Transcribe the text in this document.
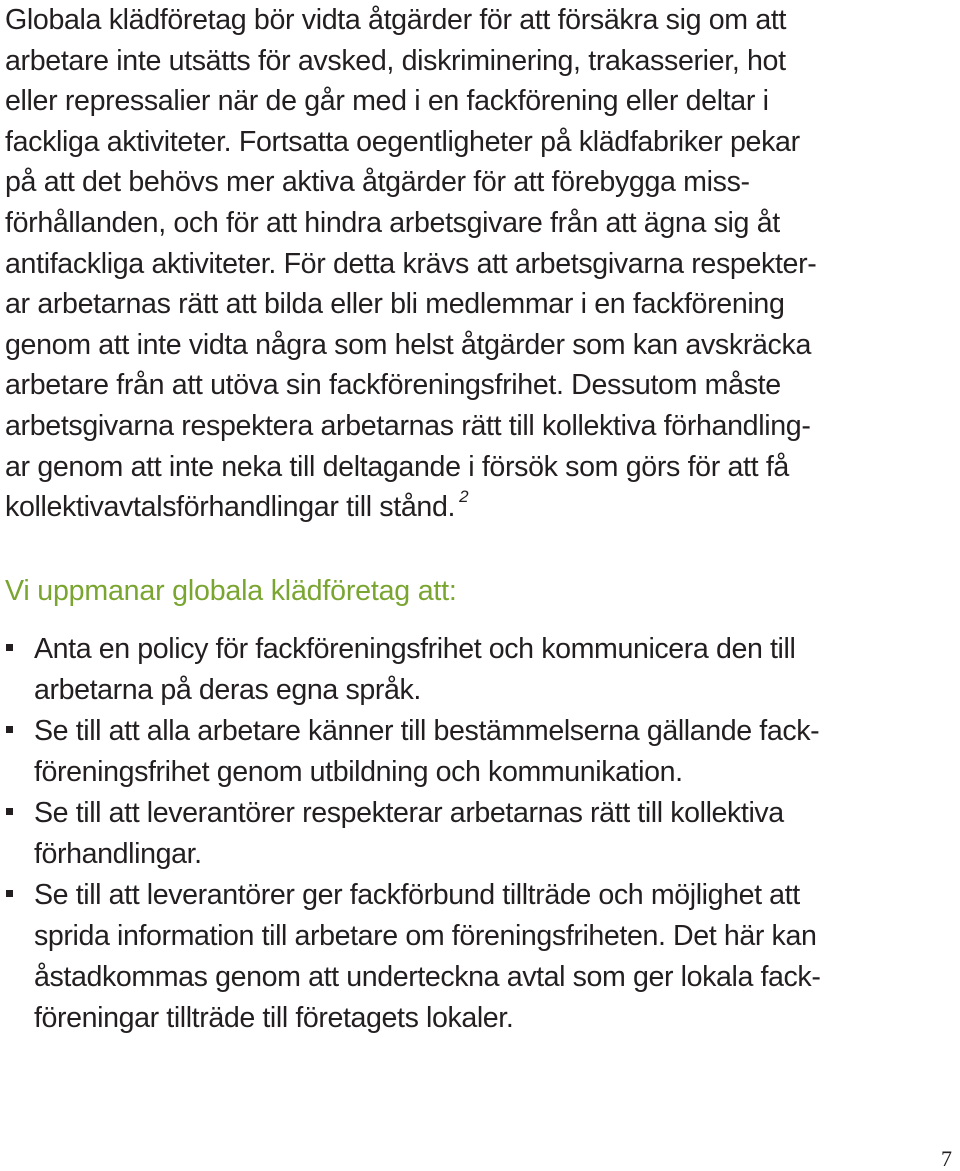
Globala klädföretag bör vidta åtgärder för att försäkra sig om att
arbetare inte utsätts för avsked, diskriminering, trakasserier, hot
eller repressalier när de går med i en fackförening eller deltar i
fackliga aktiviteter. Fortsatta oegentligheter på klädfabriker pekar
på att det behövs mer aktiva åtgärder för att förebygga miss-
förhållanden, och för att hindra arbetsgivare från att ägna sig åt
antifackliga aktiviteter. För detta krävs att arbetsgivarna respekter-
ar arbetarnas rätt att bilda eller bli medlemmar i en fackförening
genom att inte vidta några som helst åtgärder som kan avskräcka
arbetare från att utöva sin fackföreningsfrihet. Dessutom måste
arbetsgivarna respektera arbetarnas rätt till kollektiva förhandling-
ar genom att inte neka till deltagande i försök som görs för att få
kollektivavtalsförhandlingar till stånd. $^2$
Vi uppmanar globala klädföretag att:
Anta en policy för fackföreningsfrihet och kommunicera den till
arbetarna på deras egna språk.
Se till att alla arbetare känner till bestämmelserna gällande fack-
föreningsfrihet genom utbildning och kommunikation.
Se till att leverantörer respekterar arbetarnas rätt till kollektiva
förhandlingar.
Se till att leverantörer ger fackförbund tillträde och möjlighet att
sprida information till arbetare om föreningsfriheten. Det här kan
åstadkommas genom att underteckna avtal som ger lokala fack-
föreningar tillträde till företagets lokaler.
7
